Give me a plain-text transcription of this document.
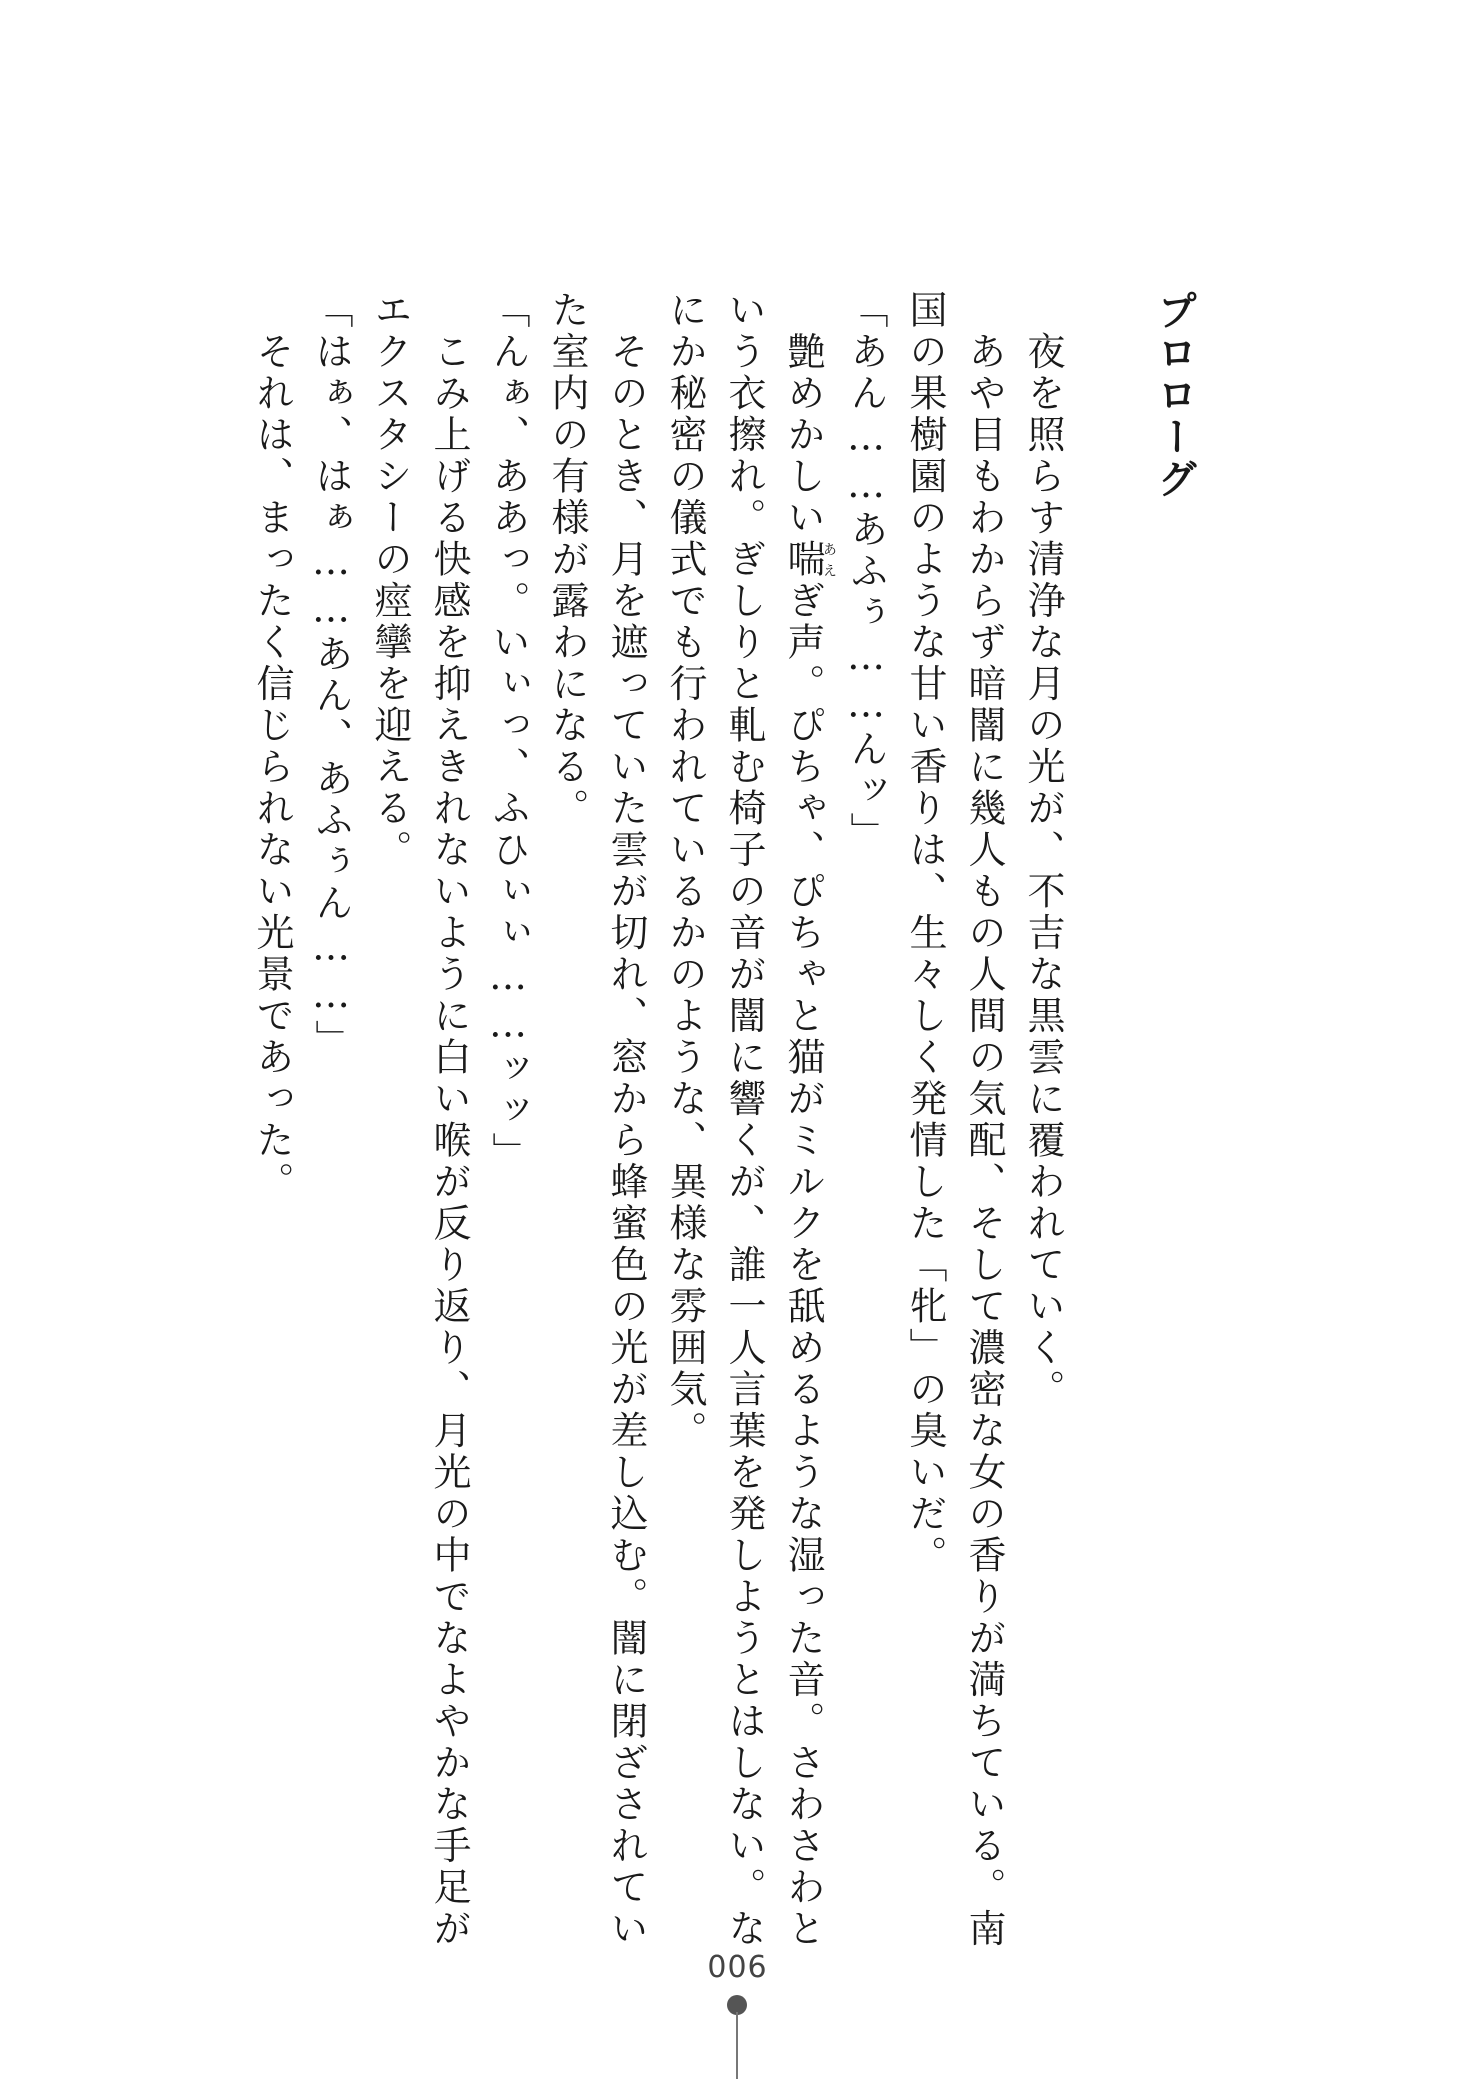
プロローグ
　夜を照らす清浄な月の光が、不吉な黒雲に覆われていく。
　あや目もわからず暗闇に幾人もの人間の気配、そして濃密な女の香りが満ちている。南
国の果樹園のような甘い香りは、生々しく発情した「牝」の臭いだ。
「あん……あふぅ……んッ」
　艶めかしい喘あえぎ声。ぴちゃ、ぴちゃと猫がミルクを舐めるような湿った音。さわさわと
いう衣擦れ。ぎしりと軋む椅子の音が闇に響くが、誰一人言葉を発しようとはしない。な
にか秘密の儀式でも行われているかのような、異様な雰囲気。
　そのとき、月を遮っていた雲が切れ、窓から蜂蜜色の光が差し込む。闇に閉ざされてい
た室内の有様が露わになる。
「んぁ、ああっ。いぃっ、ふひぃぃ……ッッ」
　こみ上げる快感を抑えきれないように白い喉が反り返り、月光の中でなよやかな手足が
エクスタシーの痙攣を迎える。
「はぁ、はぁ……あん、あふぅん……」
　それは、まったく信じられない光景であった。
006
